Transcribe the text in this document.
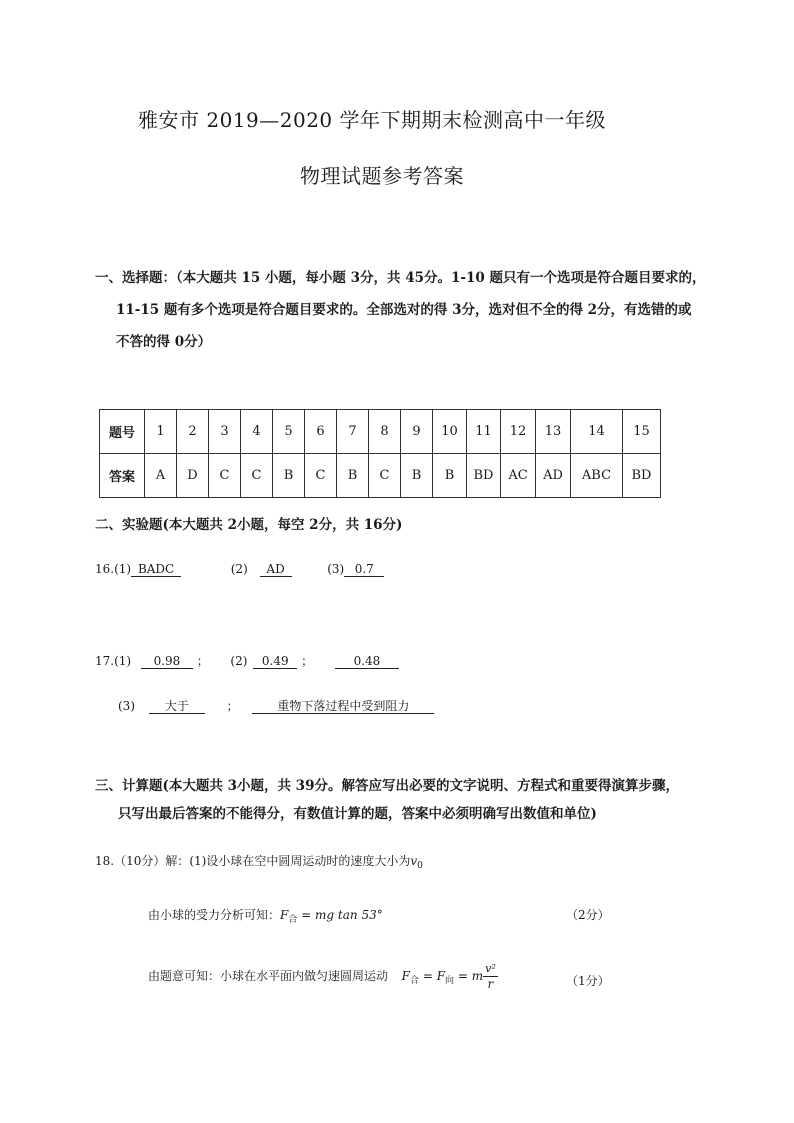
雅安市 2019—2020 学年下期期末检测高中一年级
物理试题参考答案
一、选择题：（本大题共 15 小题，每小题 3分，共 45分。1-10 题只有一个选项是符合题目要求的，
11-15 题有多个选项是符合题目要求的。全部选对的得 3分，选对但不全的得 2分，有选错的或
不答的得 0分）
题号	1	2	3	4	5	6	7	8	9	10	11	12	13	14	15
答案	A	D	C	C	B	C	B	C	B	B	BD	AC	AD	ABC	BD
二、实验题(本大题共 2小题，每空 2分，共 16分)
16.(1) BADC	(2) AD	(3) 0.7
17.(1) 0.98 ； (2) 0.49 ；	0.48
(3) 大于	；	重物下落过程中受到阻力
三、计算题(本大题共 3小题，共 39分。解答应写出必要的文字说明、方程式和重要得演算步骤，
只写出最后答案的不能得分，有数值计算的题，答案中必须明确写出数值和单位)
18.（10分）解：(1)设小球在空中圆周运动时的速度大小为$v_0$
由小球的受力分析可知：$F_合$ = mg tan 53°	（2分）
由题意可知：小球在水平面内做匀速圆周运动 $F_合 = F_向 = m \frac{\text{v²}}{r}$	（1分）
